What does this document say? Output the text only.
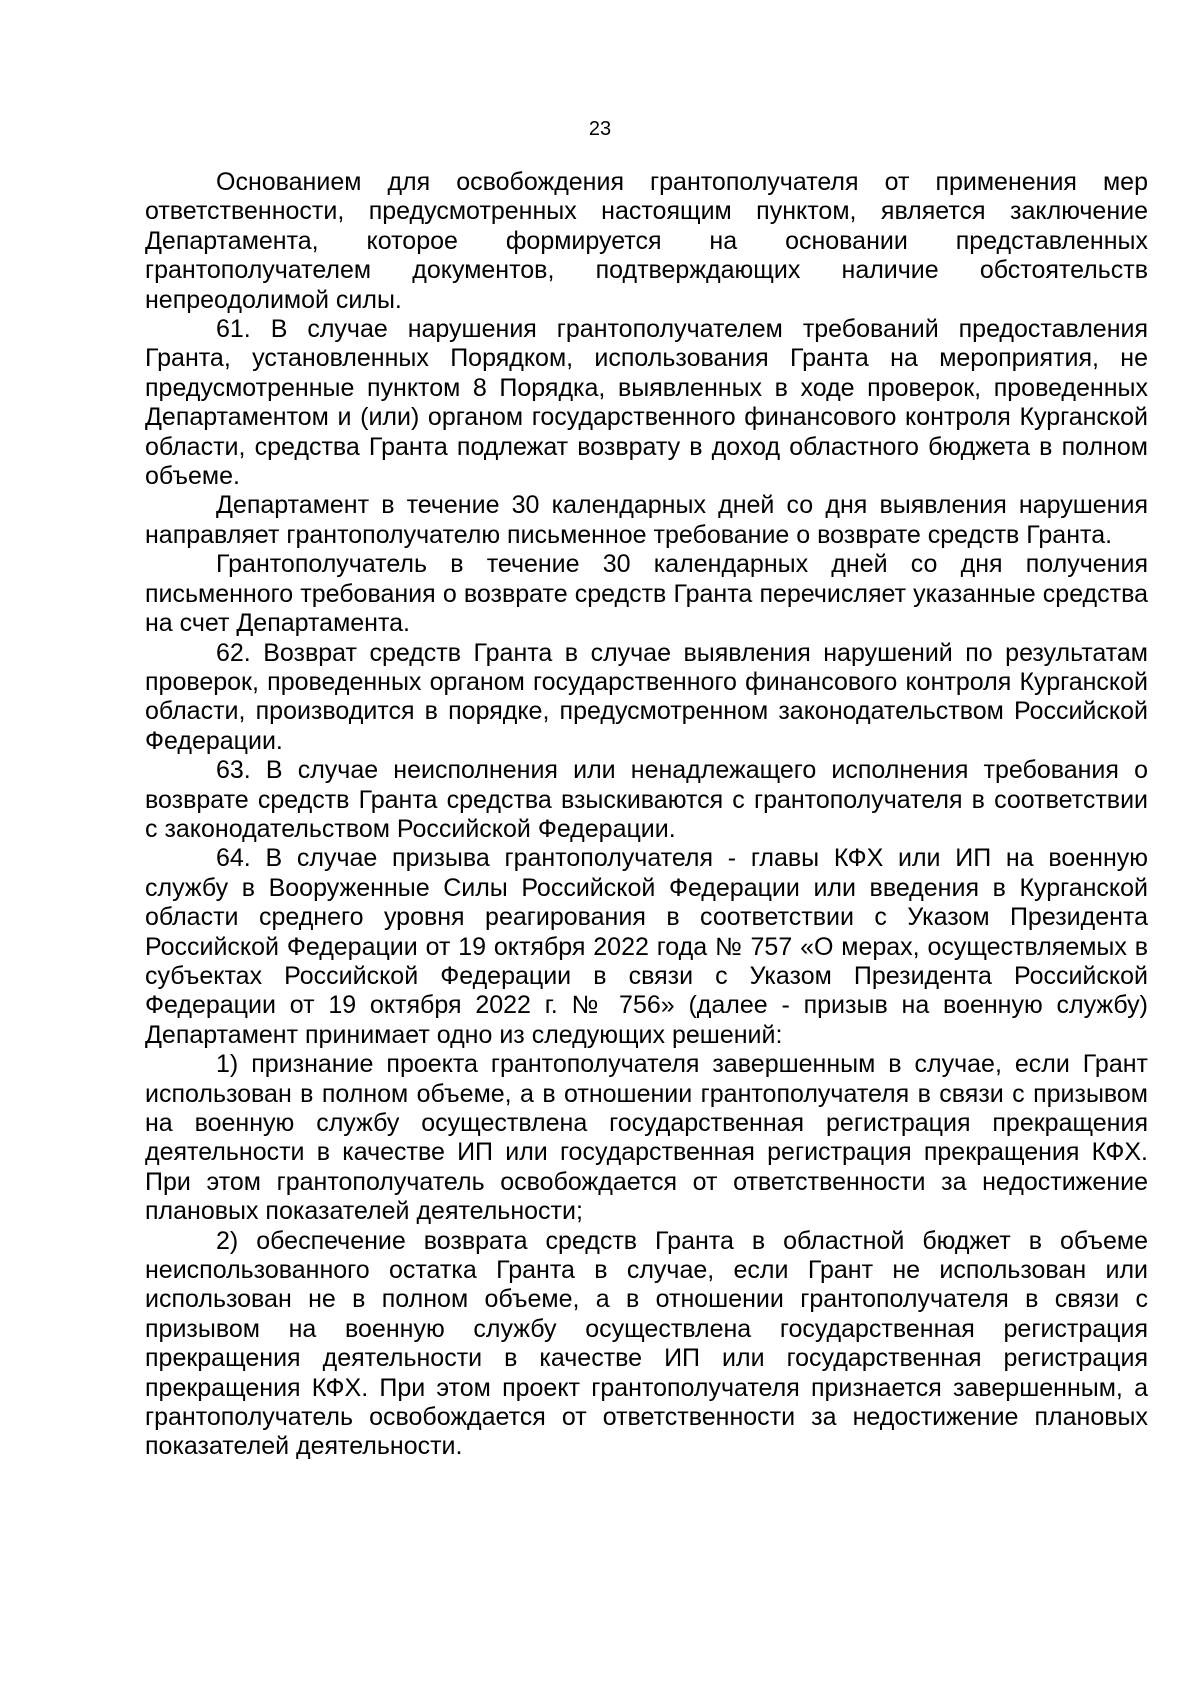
23

Основанием для освобождения грантополучателя от применения мер ответственности, предусмотренных настоящим пунктом, является заключение Департамента, которое формируется на основании представленных грантополучателем документов, подтверждающих наличие обстоятельств непреодолимой силы.

61. В случае нарушения грантополучателем требований предоставления Гранта, установленных Порядком, использования Гранта на мероприятия, не предусмотренные пунктом 8 Порядка, выявленных в ходе проверок, проведенных Департаментом и (или) органом государственного финансового контроля Курганской области, средства Гранта подлежат возврату в доход областного бюджета в полном объеме.

Департамент в течение 30 календарных дней со дня выявления нарушения направляет грантополучателю письменное требование о возврате средств Гранта.

Грантополучатель в течение 30 календарных дней со дня получения письменного требования о возврате средств Гранта перечисляет указанные средства на счет Департамента.

62. Возврат средств Гранта в случае выявления нарушений по результатам проверок, проведенных органом государственного финансового контроля Курганской области, производится в порядке, предусмотренном законодательством Российской Федерации.

63. В случае неисполнения или ненадлежащего исполнения требования о возврате средств Гранта средства взыскиваются с грантополучателя в соответствии с законодательством Российской Федерации.

64. В случае призыва грантополучателя - главы КФХ или ИП на военную службу в Вооруженные Силы Российской Федерации или введения в Курганской области среднего уровня реагирования в соответствии с Указом Президента Российской Федерации от 19 октября 2022 года № 757 «О мерах, осуществляемых в субъектах Российской Федерации в связи с Указом Президента Российской Федерации от 19 октября 2022 г. № 756» (далее - призыв на военную службу) Департамент принимает одно из следующих решений:

1) признание проекта грантополучателя завершенным в случае, если Грант использован в полном объеме, а в отношении грантополучателя в связи с призывом на военную службу осуществлена государственная регистрация прекращения деятельности в качестве ИП или государственная регистрация прекращения КФХ. При этом грантополучатель освобождается от ответственности за недостижение плановых показателей деятельности;

2) обеспечение возврата средств Гранта в областной бюджет в объеме неиспользованного остатка Гранта в случае, если Грант не использован или использован не в полном объеме, а в отношении грантополучателя в связи с призывом на военную службу осуществлена государственная регистрация прекращения деятельности в качестве ИП или государственная регистрация прекращения КФХ. При этом проект грантополучателя признается завершенным, а грантополучатель освобождается от ответственности за недостижение плановых показателей деятельности.
